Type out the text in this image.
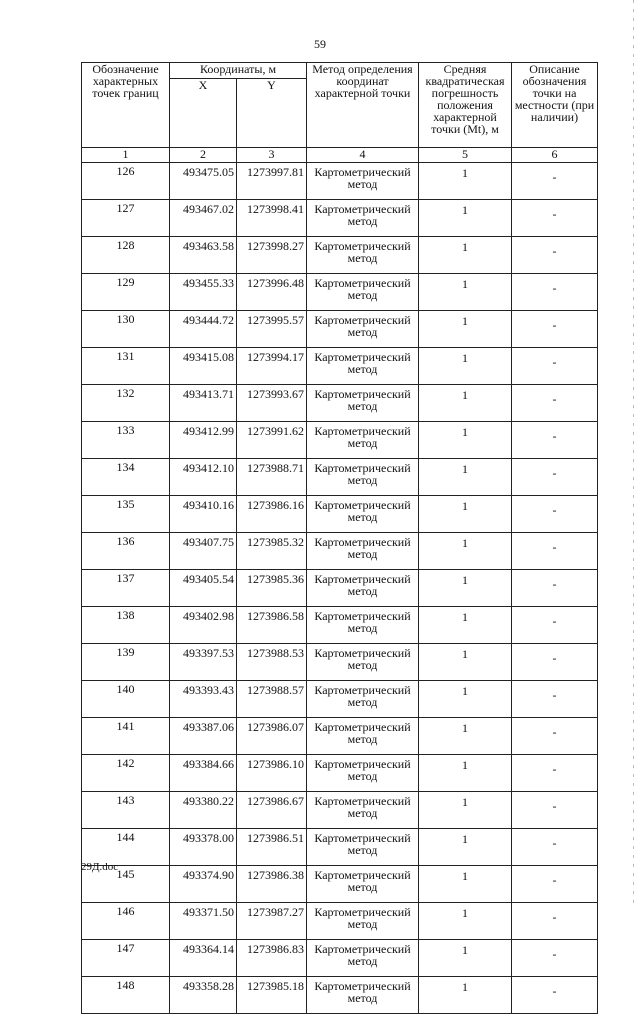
59
Обозначение характерных точек границ	Координаты, м		Метод определения координат характерной точки	Средняя квадратическая погрешность положения характерной точки (Mt), м	Описание обозначения точки на местности (при наличии)
	X	Y			
1	2	3	4	5	6
126	493475.05	1273997.81	Картометрический метод	1	-
127	493467.02	1273998.41	Картометрический метод	1	-
128	493463.58	1273998.27	Картометрический метод	1	-
129	493455.33	1273996.48	Картометрический метод	1	-
130	493444.72	1273995.57	Картометрический метод	1	-
131	493415.08	1273994.17	Картометрический метод	1	-
132	493413.71	1273993.67	Картометрический метод	1	-
133	493412.99	1273991.62	Картометрический метод	1	-
134	493412.10	1273988.71	Картометрический метод	1	-
135	493410.16	1273986.16	Картометрический метод	1	-
136	493407.75	1273985.32	Картометрический метод	1	-
137	493405.54	1273985.36	Картометрический метод	1	-
138	493402.98	1273986.58	Картометрический метод	1	-
139	493397.53	1273988.53	Картометрический метод	1	-
140	493393.43	1273988.57	Картометрический метод	1	-
141	493387.06	1273986.07	Картометрический метод	1	-
142	493384.66	1273986.10	Картометрический метод	1	-
143	493380.22	1273986.67	Картометрический метод	1	-
144	493378.00	1273986.51	Картометрический метод	1	-
145	493374.90	1273986.38	Картометрический метод	1	-
146	493371.50	1273987.27	Картометрический метод	1	-
147	493364.14	1273986.83	Картометрический метод	1	-
148	493358.28	1273985.18	Картометрический метод	1	-
29Д.doc
